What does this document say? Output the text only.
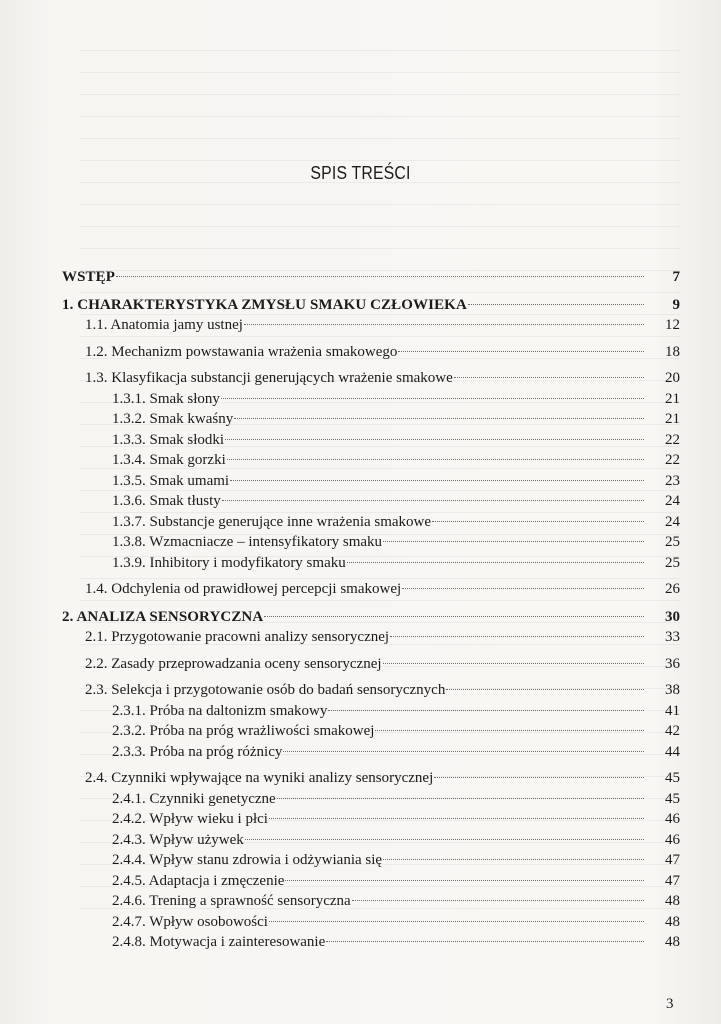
SPIS TREŚCI
WSTĘP	7
1. CHARAKTERYSTYKA ZMYSŁU SMAKU CZŁOWIEKA	9
1.1. Anatomia jamy ustnej	12
1.2. Mechanizm powstawania wrażenia smakowego	18
1.3. Klasyfikacja substancji generujących wrażenie smakowe	20
1.3.1. Smak słony	21
1.3.2. Smak kwaśny	21
1.3.3. Smak słodki	22
1.3.4. Smak gorzki	22
1.3.5. Smak umami	23
1.3.6. Smak tłusty	24
1.3.7. Substancje generujące inne wrażenia smakowe	24
1.3.8. Wzmacniacze – intensyfikatory smaku	25
1.3.9. Inhibitory i modyfikatory smaku	25
1.4. Odchylenia od prawidłowej percepcji smakowej	26
2. ANALIZA SENSORYCZNA	30
2.1. Przygotowanie pracowni analizy sensorycznej	33
2.2. Zasady przeprowadzania oceny sensorycznej	36
2.3. Selekcja i przygotowanie osób do badań sensorycznych	38
2.3.1. Próba na daltonizm smakowy	41
2.3.2. Próba na próg wrażliwości smakowej	42
2.3.3. Próba na próg różnicy	44
2.4. Czynniki wpływające na wyniki analizy sensorycznej	45
2.4.1. Czynniki genetyczne	45
2.4.2. Wpływ wieku i płci	46
2.4.3. Wpływ używek	46
2.4.4. Wpływ stanu zdrowia i odżywiania się	47
2.4.5. Adaptacja i zmęczenie	47
2.4.6. Trening a sprawność sensoryczna	48
2.4.7. Wpływ osobowości	48
2.4.8. Motywacja i zainteresowanie	48
3
